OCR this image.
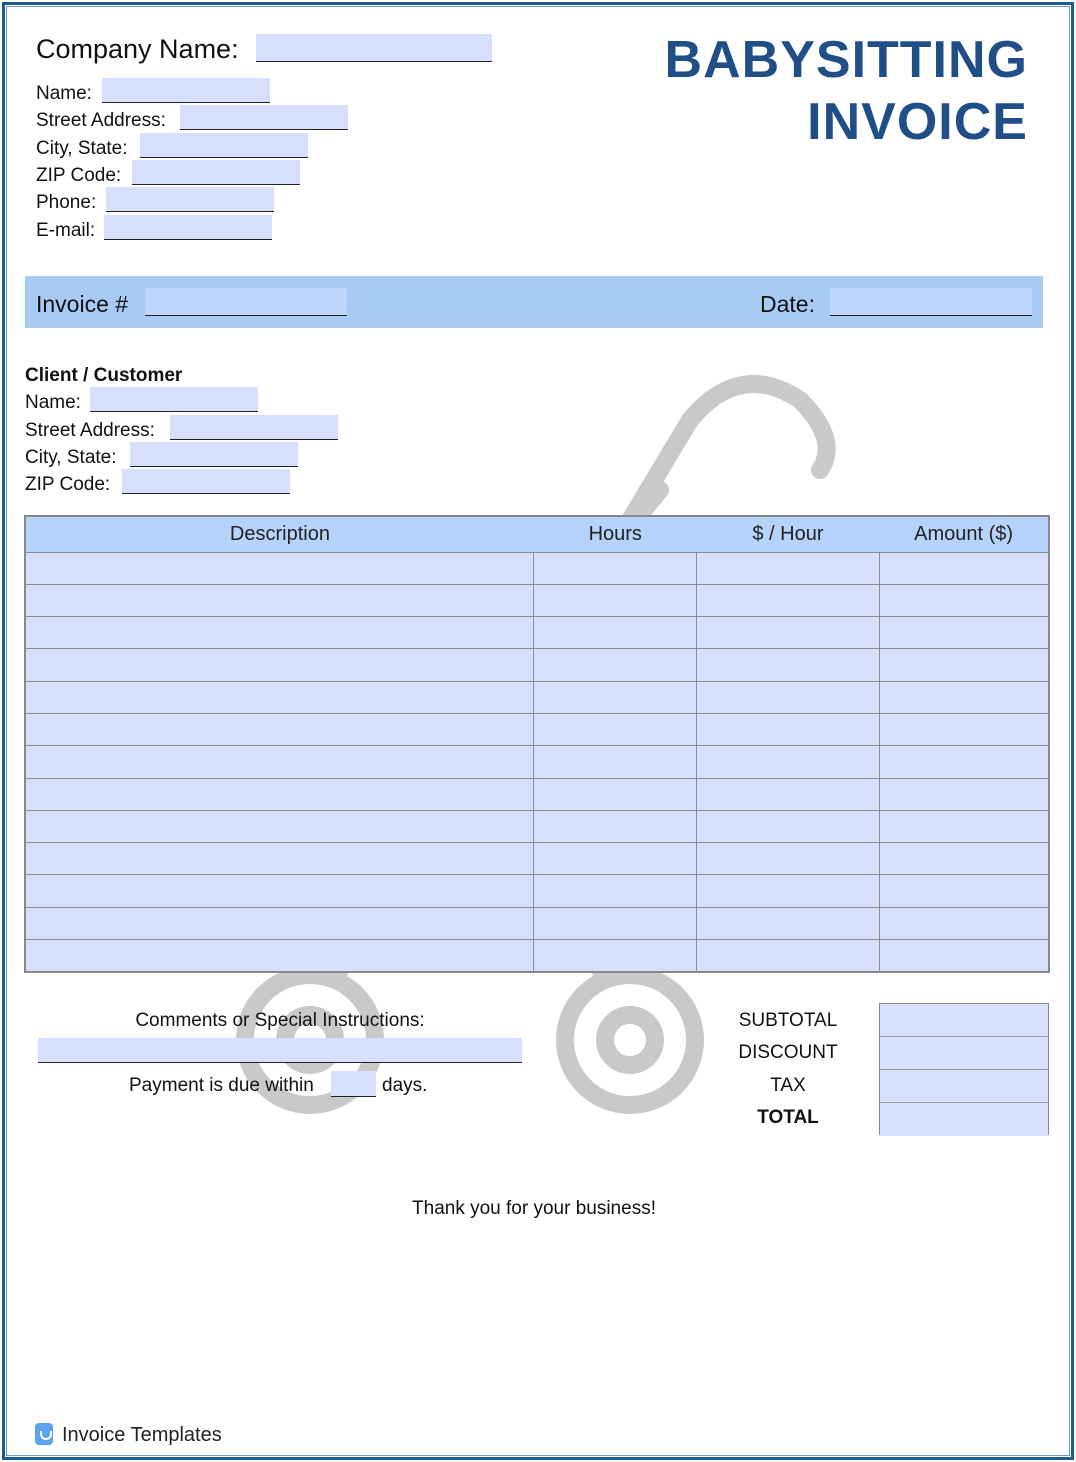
Company Name:
Name:
Street Address:
City, State:
ZIP Code:
Phone:
E-mail:
BABYSITTING
INVOICE
Invoice #	Date:
Client / Customer
Name:
Street Address:
City, State:
ZIP Code:
Description	Hours	$ / Hour	Amount ($)

Comments or Special Instructions:
Payment is due within	days.
SUBTOTAL
DISCOUNT
TAX
TOTAL
Thank you for your business!
Invoice Templates
